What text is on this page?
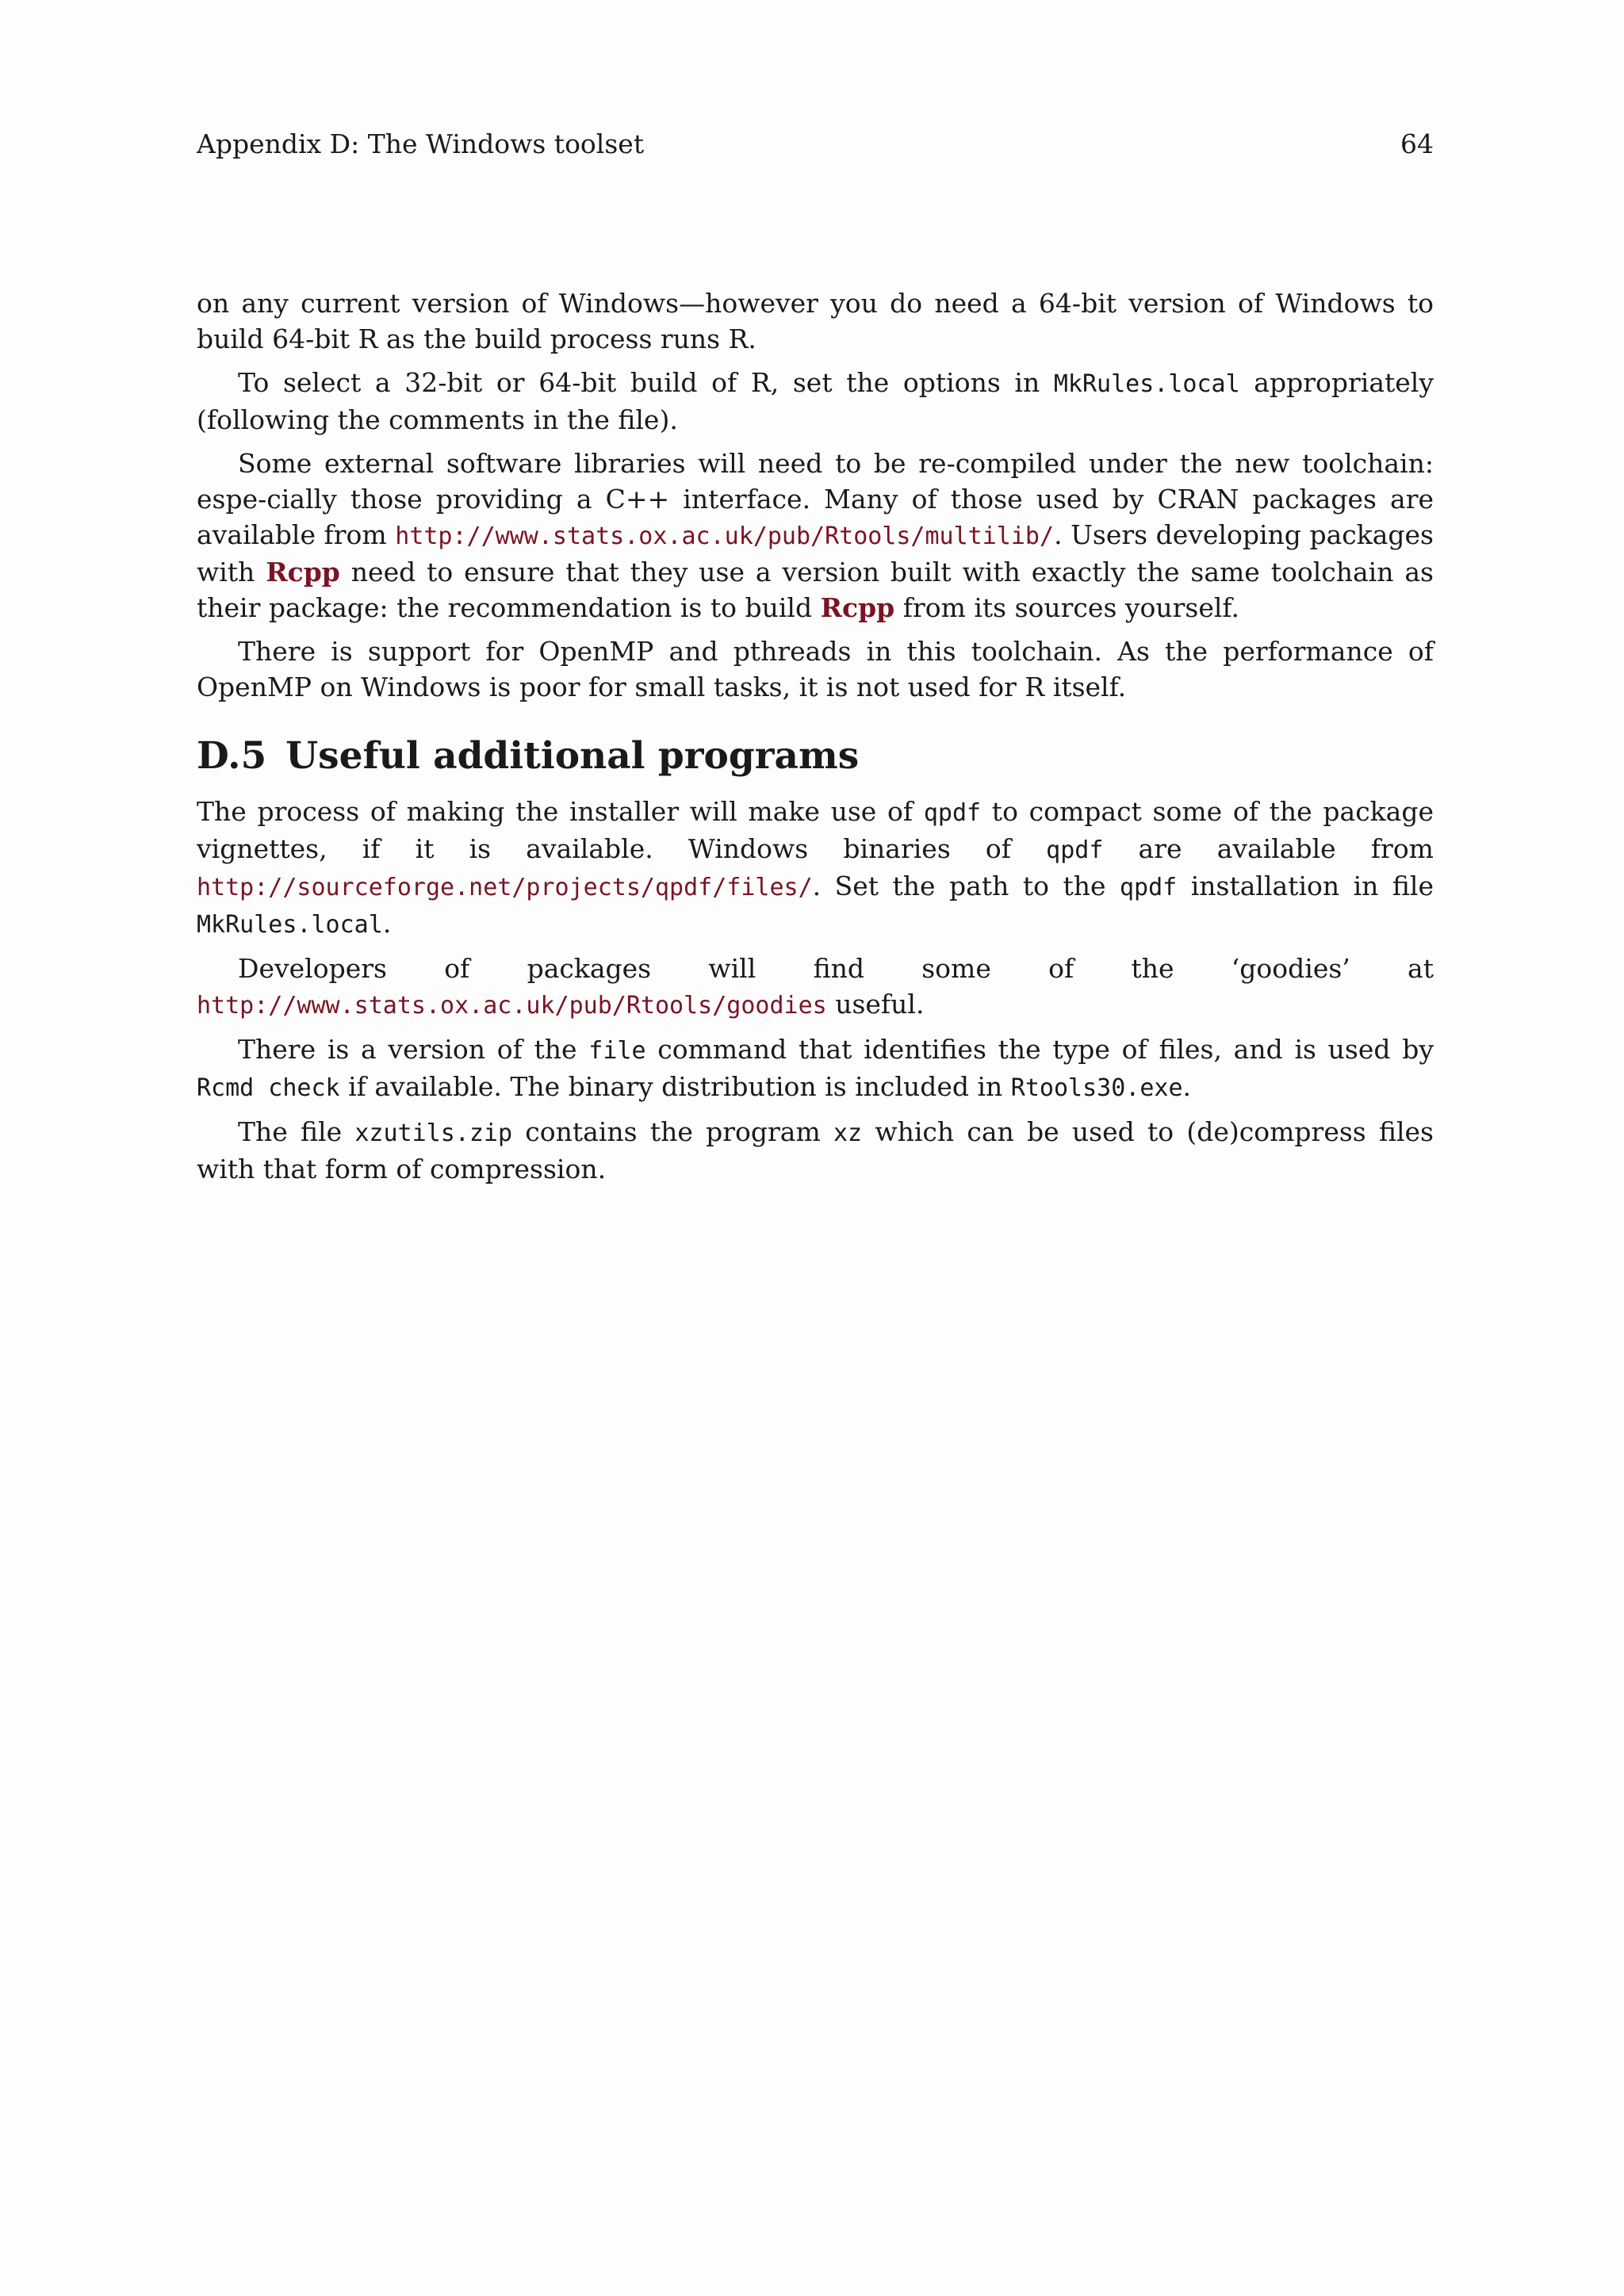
Appendix D: The Windows toolset	64

on any current version of Windows—however you do need a 64-bit version of Windows to build 64-bit R as the build process runs R.

To select a 32-bit or 64-bit build of R, set the options in MkRules.local appropriately (following the comments in the file).

Some external software libraries will need to be re-compiled under the new toolchain: espe-cially those providing a C++ interface. Many of those used by CRAN packages are available from http://www.stats.ox.ac.uk/pub/Rtools/multilib/. Users developing packages with Rcpp need to ensure that they use a version built with exactly the same toolchain as their package: the recommendation is to build Rcpp from its sources yourself.

There is support for OpenMP and pthreads in this toolchain. As the performance of OpenMP on Windows is poor for small tasks, it is not used for R itself.

D.5 Useful additional programs

The process of making the installer will make use of qpdf to compact some of the package vignettes, if it is available. Windows binaries of qpdf are available from http://sourceforge.net/projects/qpdf/files/. Set the path to the qpdf installation in file MkRules.local.

Developers of packages will find some of the ‘goodies’ at http://www.stats.ox.ac.uk/pub/Rtools/goodies useful.

There is a version of the file command that identifies the type of files, and is used by Rcmd check if available. The binary distribution is included in Rtools30.exe.

The file xzutils.zip contains the program xz which can be used to (de)compress files with that form of compression.
